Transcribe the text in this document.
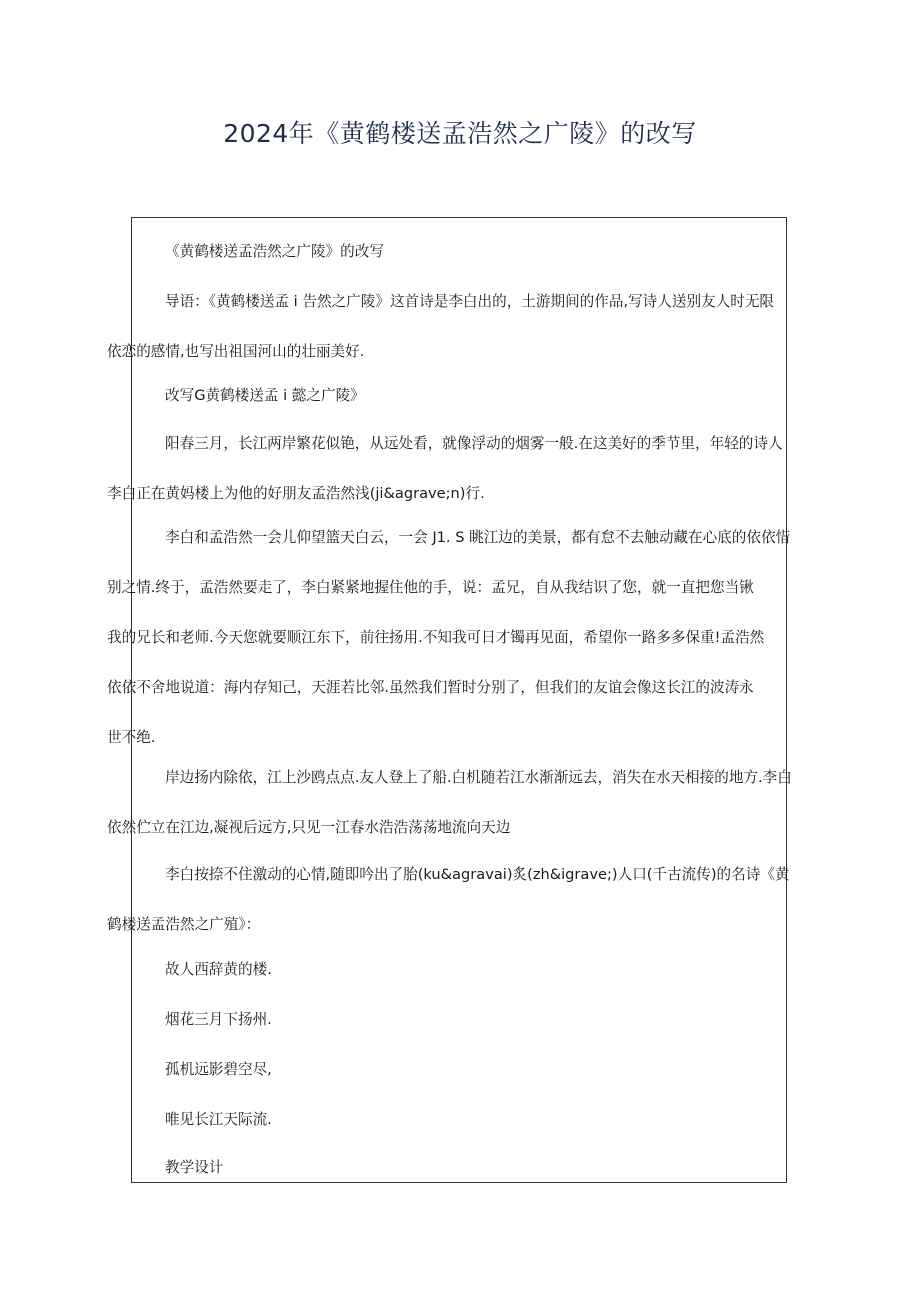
2024年《黄鹤楼送孟浩然之广陵》的改写

《黄鹤楼送孟浩然之广陵》的改写

导语：《黄鹤楼送孟 i 告然之广陵》这首诗是李白出的，土游期间的作品,写诗人送别友人时无限
依恋的感情,也写出祖国河山的壮丽美好.

改写G黄鹤楼送孟 i 懿之广陵》

阳春三月，长江两岸繁花似铯，从远处看，就像浮动的烟雾一般.在这美好的季节里，年轻的诗人
李白正在黄妈楼上为他的好朋友孟浩然浅(ji&agrave;n)行.

李白和孟浩然一会儿仰望篮天白云，一会 J1. S 眺江边的美景，都有怠不去触动藏在心底的依依惜
别之情.终于，孟浩然要走了，李白紧紧地握住他的手，说：孟兄，自从我结识了您，就一直把您当锹
我的兄长和老师.今天您就要顺江东下，前往扬用.不知我可日才镯再见面，希望你一路多多保重!孟浩然
依依不舍地说道：海内存知己，天涯若比邻.虽然我们暂时分别了，但我们的友谊会像这长江的波涛永
世不绝.

岸边扬内除依，江上沙鸥点点.友人登上了船.白机随若江水渐渐远去，消失在水天相接的地方.李白
依然伫立在江边,凝视后远方,只见一江春水浩浩荡荡地流向天边

李白按捺不住激动的心情,随即吟出了胎(ku&agravai)炙(zh&igrave;)人口(千古流传)的名诗《黄
鹤楼送孟浩然之广殖》：

故人西辞黄的楼.

烟花三月下扬州.

孤机远影碧空尽,

唯见长江天际流.

教学设计
